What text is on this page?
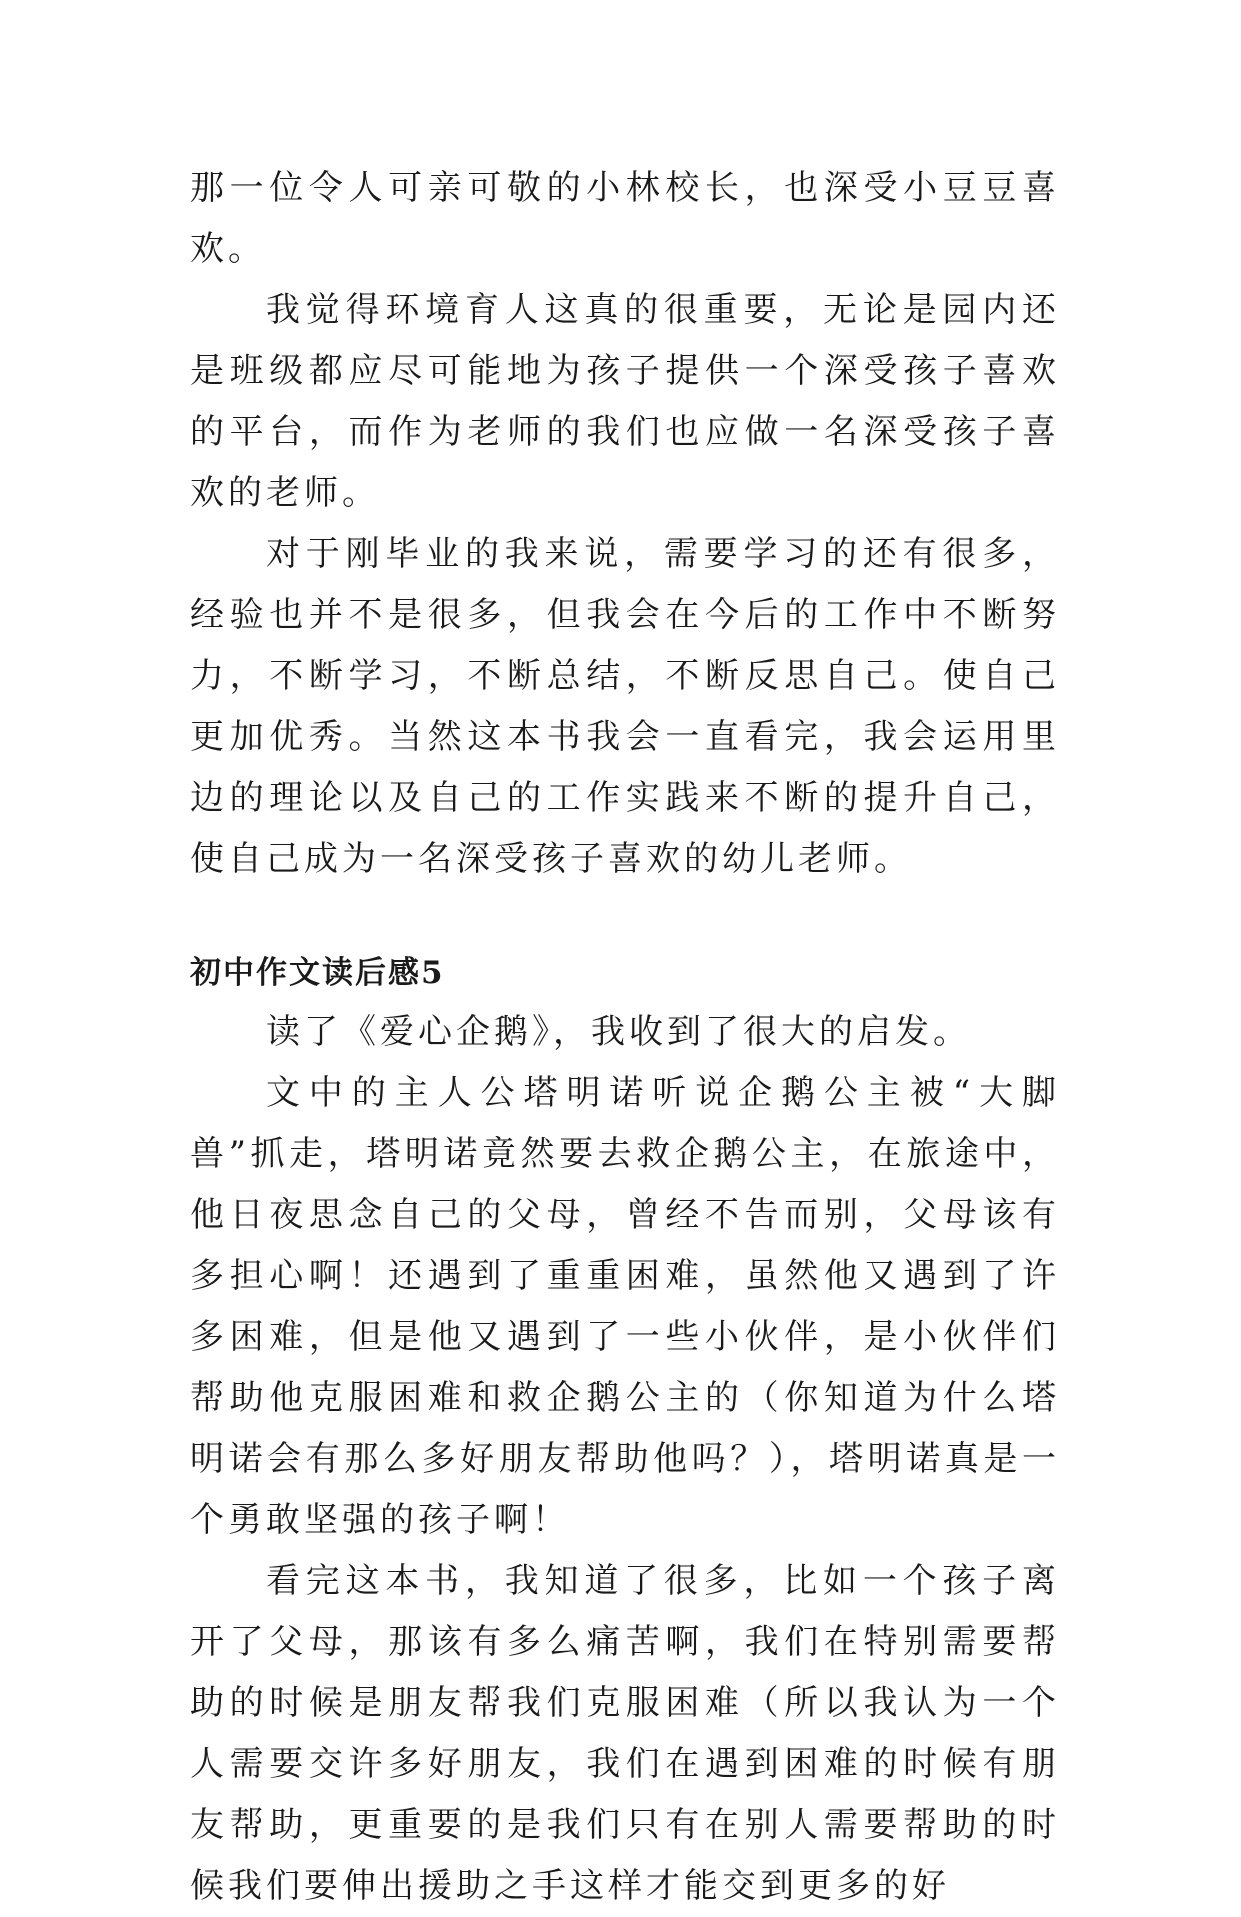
那一位令人可亲可敬的小林校长，也深受小豆豆喜欢。

我觉得环境育人这真的很重要，无论是园内还是班级都应尽可能地为孩子提供一个深受孩子喜欢的平台，而作为老师的我们也应做一名深受孩子喜欢的老师。

对于刚毕业的我来说，需要学习的还有很多，经验也并不是很多，但我会在今后的工作中不断努力，不断学习，不断总结，不断反思自己。使自己更加优秀。当然这本书我会一直看完，我会运用里边的理论以及自己的工作实践来不断的提升自己，使自己成为一名深受孩子喜欢的幼儿老师。

初中作文读后感5

读了《爱心企鹅》，我收到了很大的启发。

文中的主人公塔明诺听说企鹅公主被“大脚兽”抓走，塔明诺竟然要去救企鹅公主，在旅途中，他日夜思念自己的父母，曾经不告而别，父母该有多担心啊！还遇到了重重困难，虽然他又遇到了许多困难，但是他又遇到了一些小伙伴，是小伙伴们帮助他克服困难和救企鹅公主的（你知道为什么塔明诺会有那么多好朋友帮助他吗？），塔明诺真是一个勇敢坚强的孩子啊！

看完这本书，我知道了很多，比如一个孩子离开了父母，那该有多么痛苦啊，我们在特别需要帮助的时候是朋友帮我们克服困难（所以我认为一个人需要交许多好朋友，我们在遇到困难的时候有朋友帮助，更重要的是我们只有在别人需要帮助的时候我们要伸出援助之手这样才能交到更多的好
